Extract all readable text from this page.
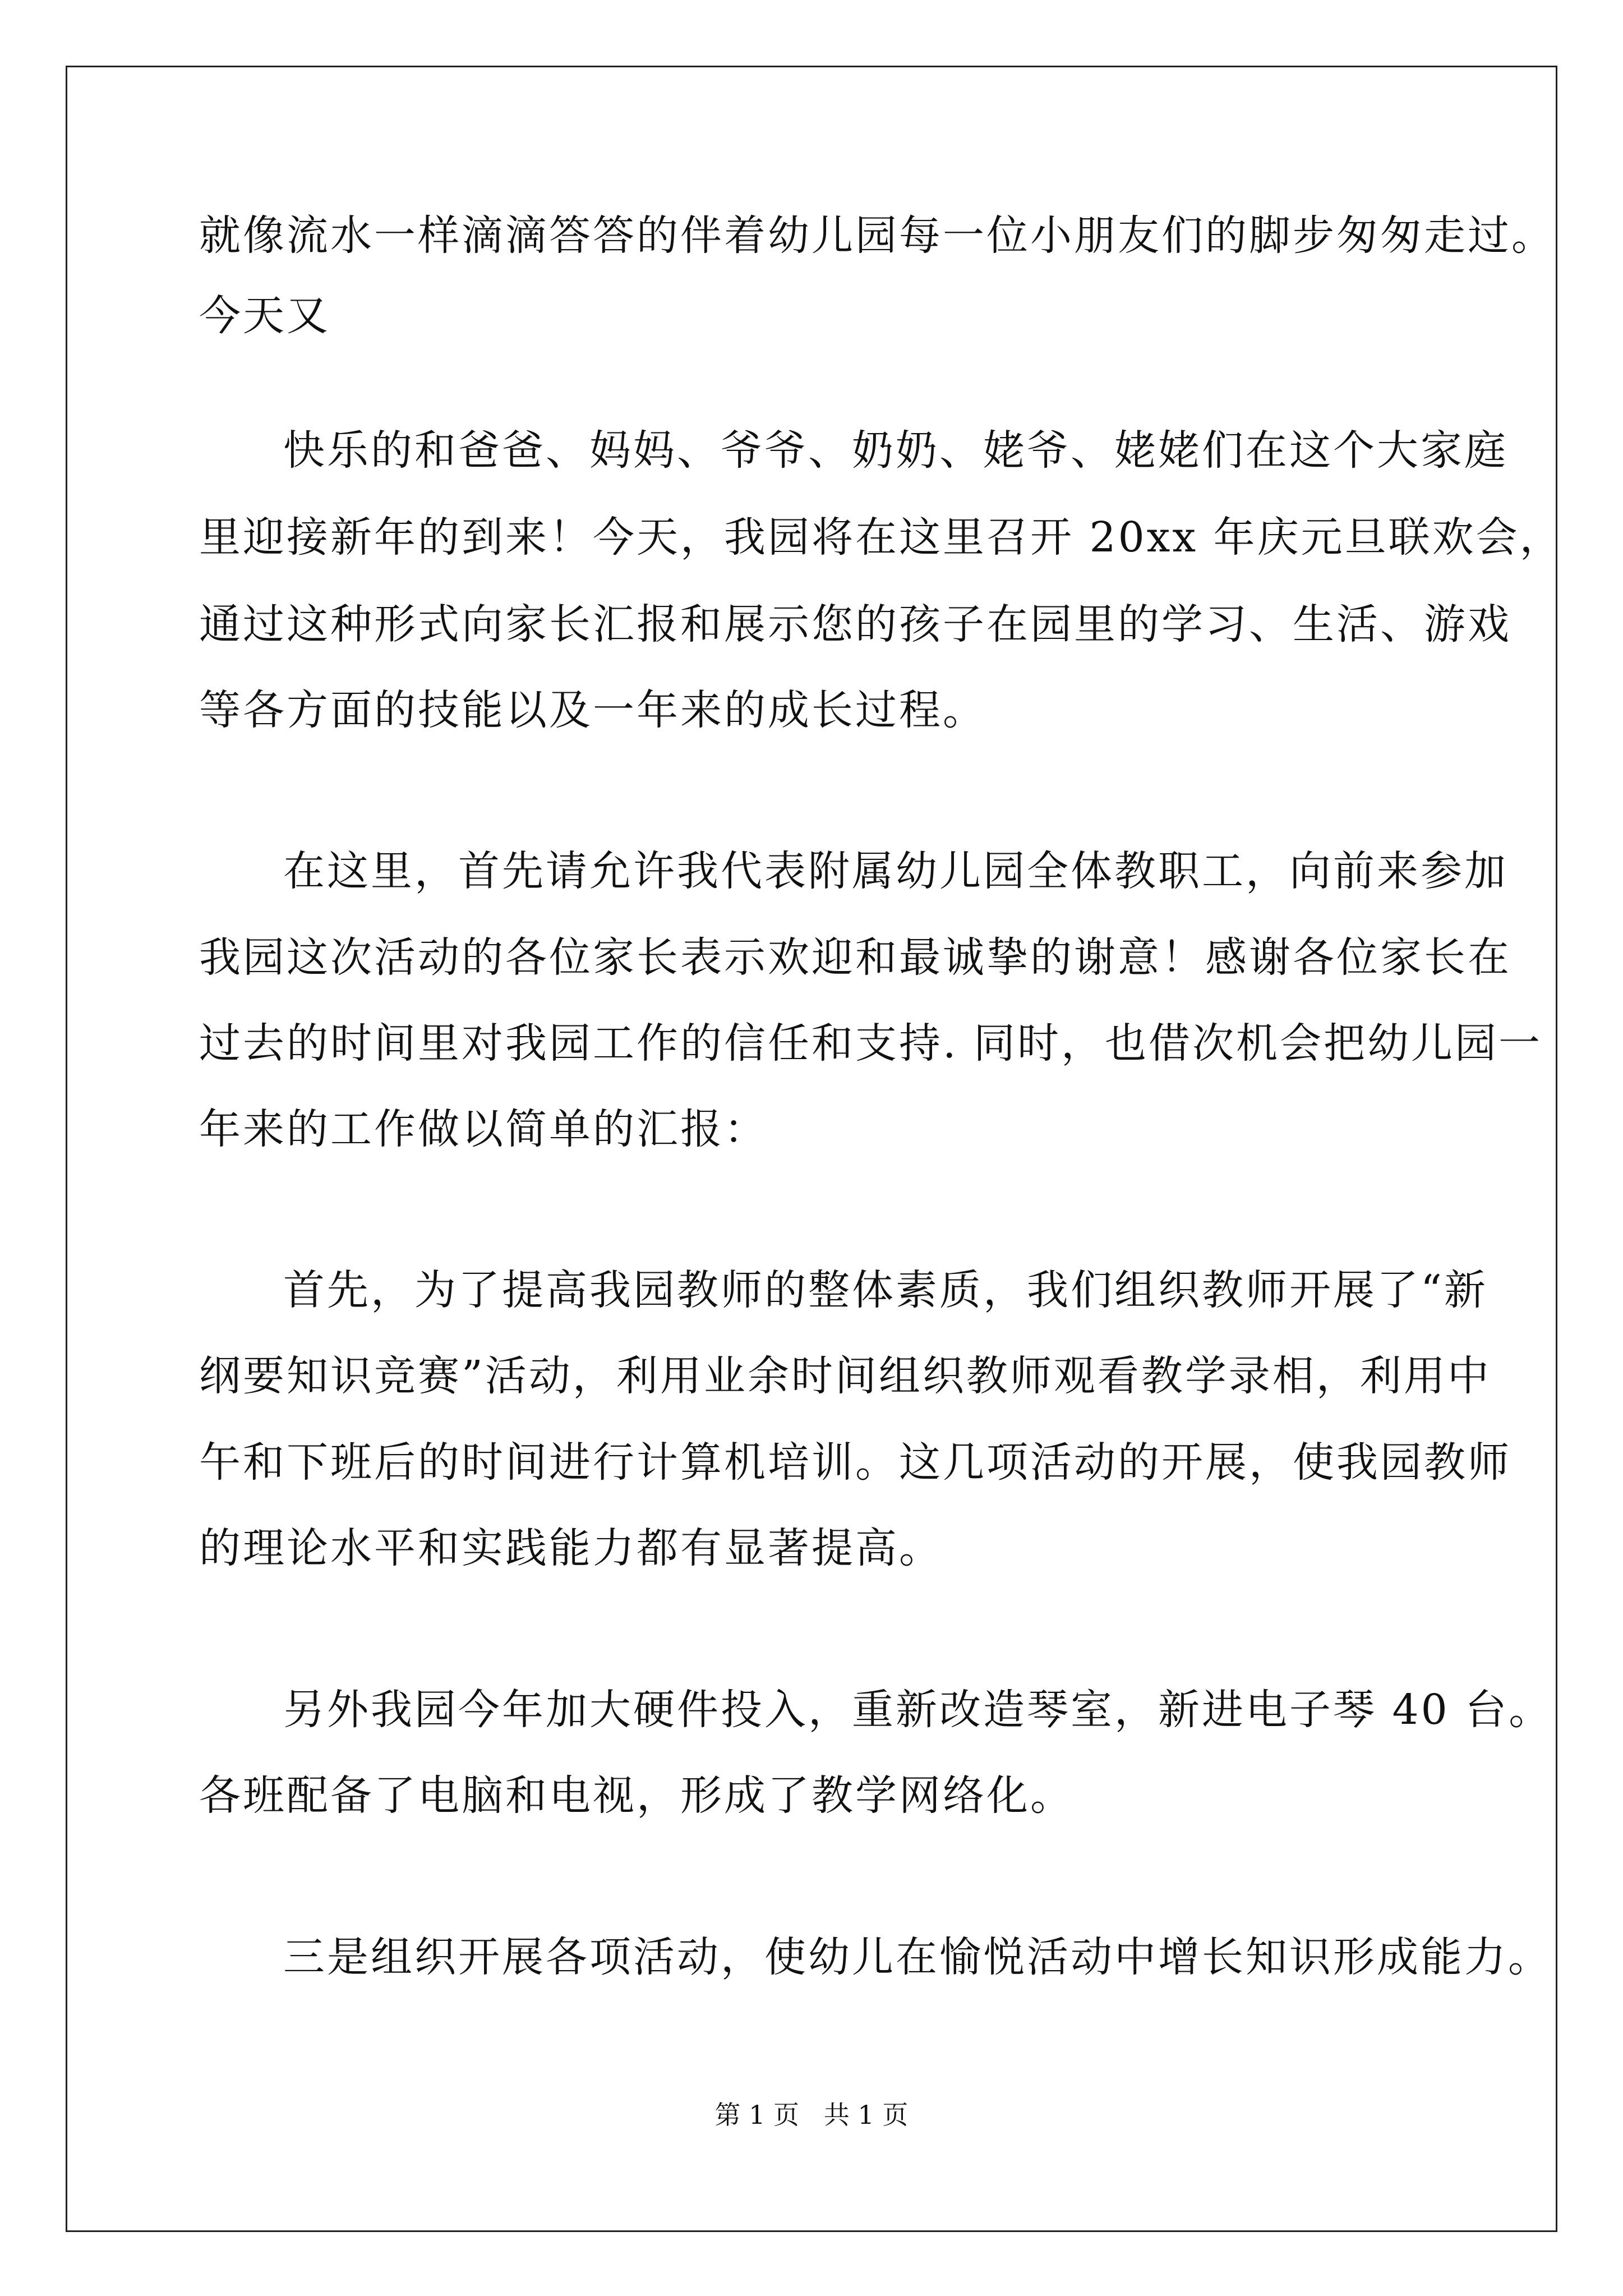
就像流水一样滴滴答答的伴着幼儿园每一位小朋友们的脚步匆匆走过。
今天又
快乐的和爸爸、妈妈、爷爷、奶奶、姥爷、姥姥们在这个大家庭
里迎接新年的到来！今天，我园将在这里召开 20xx 年庆元旦联欢会，
通过这种形式向家长汇报和展示您的孩子在园里的学习、生活、游戏
等各方面的技能以及一年来的成长过程。
在这里，首先请允许我代表附属幼儿园全体教职工，向前来参加
我园这次活动的各位家长表示欢迎和最诚挚的谢意！感谢各位家长在
过去的时间里对我园工作的信任和支持. 同时，也借次机会把幼儿园一
年来的工作做以简单的汇报：
首先，为了提高我园教师的整体素质，我们组织教师开展了“新
纲要知识竞赛”活动，利用业余时间组织教师观看教学录相，利用中
午和下班后的时间进行计算机培训。这几项活动的开展，使我园教师
的理论水平和实践能力都有显著提高。
另外我园今年加大硬件投入，重新改造琴室，新进电子琴 40 台。
各班配备了电脑和电视，形成了教学网络化。
三是组织开展各项活动，使幼儿在愉悦活动中增长知识形成能力。
第 1 页   共 1 页
